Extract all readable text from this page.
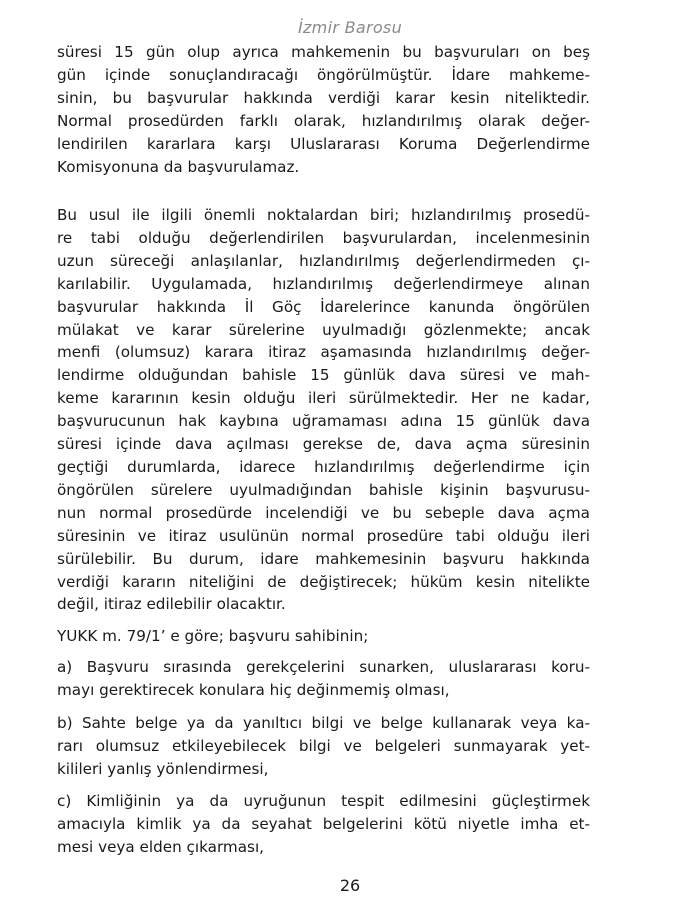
İzmir Barosu
süresi 15 gün olup ayrıca mahkemenin bu başvuruları on beş
gün içinde sonuçlandıracağı öngörülmüştür. İdare mahkeme-
sinin, bu başvurular hakkında verdiği karar kesin niteliktedir.
Normal prosedürden farklı olarak, hızlandırılmış olarak değer-
lendirilen kararlara karşı Uluslararası Koruma Değerlendirme
Komisyonuna da başvurulamaz.
Bu usul ile ilgili önemli noktalardan biri; hızlandırılmış prosedü-
re tabi olduğu değerlendirilen başvurulardan, incelenmesinin
uzun süreceği anlaşılanlar, hızlandırılmış değerlendirmeden çı-
karılabilir. Uygulamada, hızlandırılmış değerlendirmeye alınan
başvurular hakkında İl Göç İdarelerince kanunda öngörülen
mülakat ve karar sürelerine uyulmadığı gözlenmekte; ancak
menfi (olumsuz) karara itiraz aşamasında hızlandırılmış değer-
lendirme olduğundan bahisle 15 günlük dava süresi ve mah-
keme kararının kesin olduğu ileri sürülmektedir. Her ne kadar,
başvurucunun hak kaybına uğramaması adına 15 günlük dava
süresi içinde dava açılması gerekse de, dava açma süresinin
geçtiği durumlarda, idarece hızlandırılmış değerlendirme için
öngörülen sürelere uyulmadığından bahisle kişinin başvurusu-
nun normal prosedürde incelendiği ve bu sebeple dava açma
süresinin ve itiraz usulünün normal prosedüre tabi olduğu ileri
sürülebilir. Bu durum, idare mahkemesinin başvuru hakkında
verdiği kararın niteliğini de değiştirecek; hüküm kesin nitelikte
değil, itiraz edilebilir olacaktır.
YUKK m. 79/1’ e göre; başvuru sahibinin;
a) Başvuru sırasında gerekçelerini sunarken, uluslararası koru-
mayı gerektirecek konulara hiç değinmemiş olması,
b) Sahte belge ya da yanıltıcı bilgi ve belge kullanarak veya ka-
rarı olumsuz etkileyebilecek bilgi ve belgeleri sunmayarak yet-
kilileri yanlış yönlendirmesi,
c) Kimliğinin ya da uyruğunun tespit edilmesini güçleştirmek
amacıyla kimlik ya da seyahat belgelerini kötü niyetle imha et-
mesi veya elden çıkarması,
26
